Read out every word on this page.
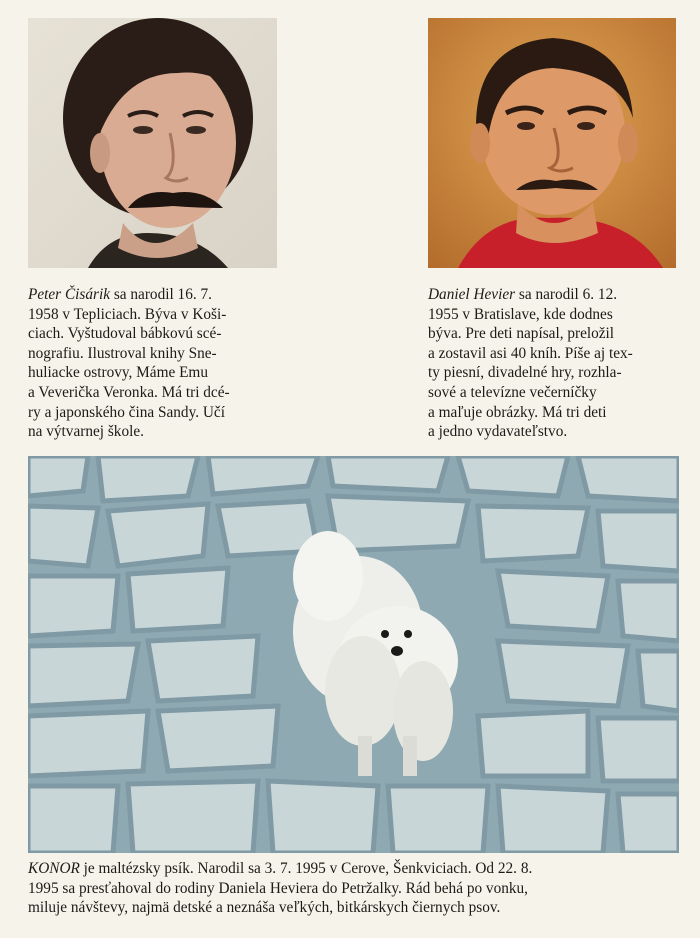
Peter Čisárik sa narodil 16. 7.
1958 v Tepliciach. Býva v Koši-
ciach. Vyštudoval bábkovú scé-
nografiu. Ilustroval knihy Sne-
huliacke ostrovy, Máme Emu
a Veverička Veronka. Má tri dcé-
ry a japonského čina Sandy. Učí
na výtvarnej škole.

Daniel Hevier sa narodil 6. 12.
1955 v Bratislave, kde dodnes
býva. Pre deti napísal, preložil
a zostavil asi 40 kníh. Píše aj tex-
ty piesní, divadelné hry, rozhla-
sové a televízne večerníčky
a maľuje obrázky. Má tri deti
a jedno vydavateľstvo.

KONOR je maltézsky psík. Narodil sa 3. 7. 1995 v Cerove, Šenkviciach. Od 22. 8.
1995 sa presťahoval do rodiny Daniela Heviera do Petržalky. Rád behá po vonku,
miluje návštevy, najmä detské a neznáša veľkých, bitkárskych čiernych psov.
